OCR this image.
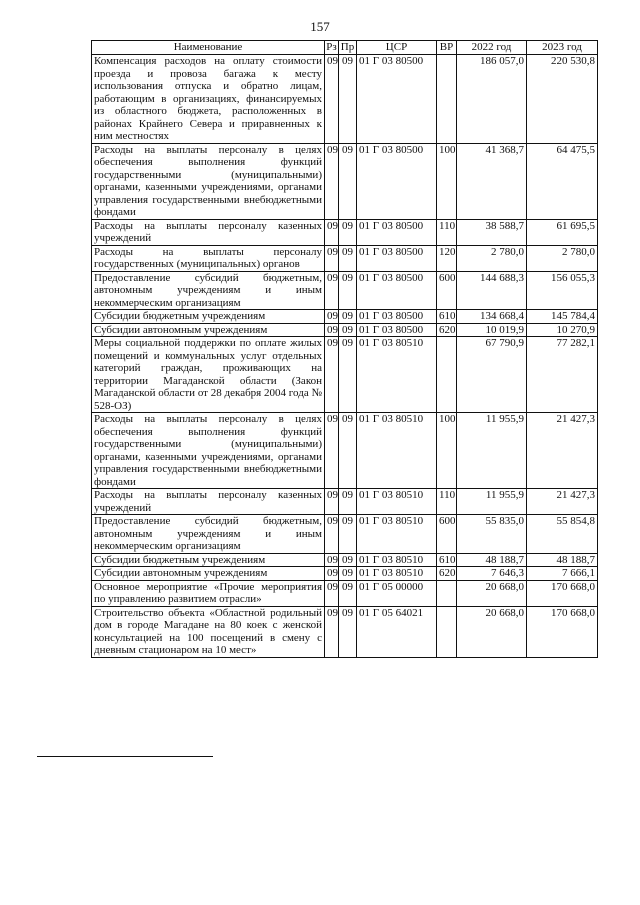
157
Наименование	Рз	Пр	ЦСР	ВР	2022 год	2023 год
Компенсация расходов на оплату стоимости проезда и провоза багажа к месту использования отпуска и обратно лицам, работающим в организациях, финансируемых из областного бюджета, расположенных в районах Крайнего Севера и приравненных к ним местностях	09	09	01 Г 03 80500		186 057,0	220 530,8
Расходы на выплаты персоналу в целях обеспечения выполнения функций государственными (муниципальными) органами, казенными учреждениями, органами управления государственными внебюджетными фондами	09	09	01 Г 03 80500	100	41 368,7	64 475,5
Расходы на выплаты персоналу казенных учреждений	09	09	01 Г 03 80500	110	38 588,7	61 695,5
Расходы на выплаты персоналу государственных (муниципальных) органов	09	09	01 Г 03 80500	120	2 780,0	2 780,0
Предоставление субсидий бюджетным, автономным учреждениям и иным некоммерческим организациям	09	09	01 Г 03 80500	600	144 688,3	156 055,3
Субсидии бюджетным учреждениям	09	09	01 Г 03 80500	610	134 668,4	145 784,4
Субсидии автономным учреждениям	09	09	01 Г 03 80500	620	10 019,9	10 270,9
Меры социальной поддержки по оплате жилых помещений и коммунальных услуг отдельных категорий граждан, проживающих на территории Магаданской области (Закон Магаданской области от 28 декабря 2004 года № 528-ОЗ)	09	09	01 Г 03 80510		67 790,9	77 282,1
Расходы на выплаты персоналу в целях обеспечения выполнения функций государственными (муниципальными) органами, казенными учреждениями, органами управления государственными внебюджетными фондами	09	09	01 Г 03 80510	100	11 955,9	21 427,3
Расходы на выплаты персоналу казенных учреждений	09	09	01 Г 03 80510	110	11 955,9	21 427,3
Предоставление субсидий бюджетным, автономным учреждениям и иным некоммерческим организациям	09	09	01 Г 03 80510	600	55 835,0	55 854,8
Субсидии бюджетным учреждениям	09	09	01 Г 03 80510	610	48 188,7	48 188,7
Субсидии автономным учреждениям	09	09	01 Г 03 80510	620	7 646,3	7 666,1
Основное мероприятие «Прочие мероприятия по управлению развитием отрасли»	09	09	01 Г 05 00000		20 668,0	170 668,0
Строительство объекта «Областной родильный дом в городе Магадане на 80 коек с женской консультацией на 100 посещений в смену с дневным стационаром на 10 мест»	09	09	01 Г 05 64021		20 668,0	170 668,0
